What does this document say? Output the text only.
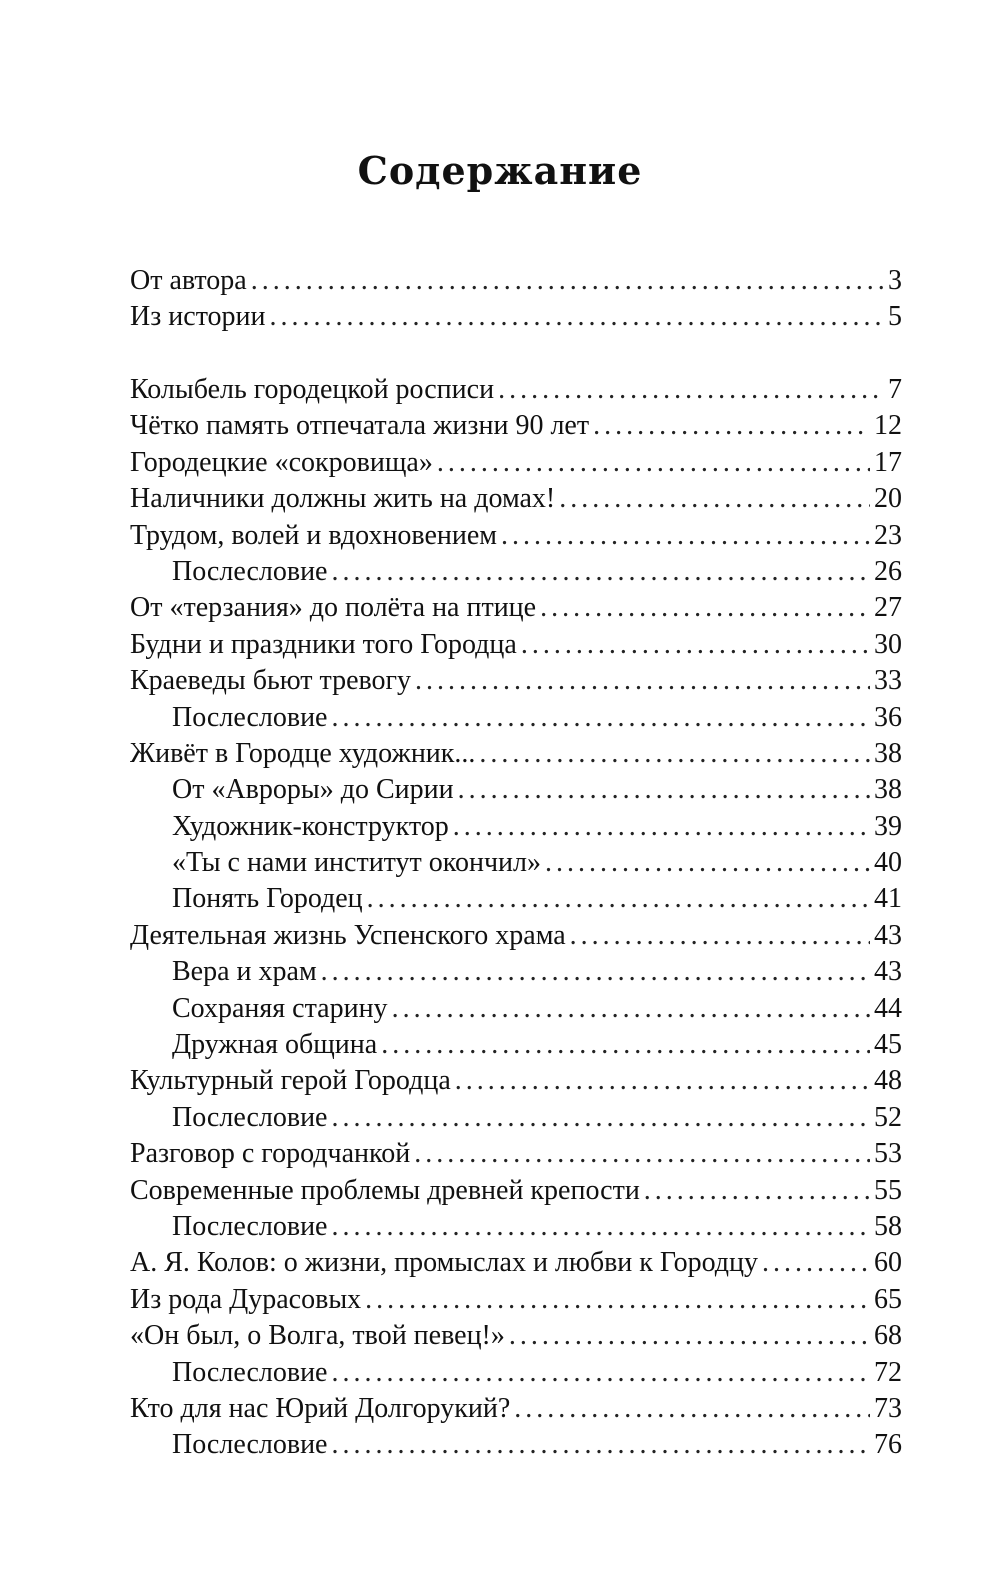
Содержание
От автора .....	3
Из истории .....	5
Колыбель городецкой росписи .....	7
Чётко память отпечатала жизни 90 лет .....	12
Городецкие «сокровища» .....	17
Наличники должны жить на домах! .....	20
Трудом, волей и вдохновением .....	23
Послесловие .....	26
От «терзания» до полёта на птице .....	27
Будни и праздники того Городца .....	30
Краеведы бьют тревогу .....	33
Послесловие .....	36
Живёт в Городце художник... .....	38
От «Авроры» до Сирии .....	38
Художник-конструктор .....	39
«Ты с нами институт окончил» .....	40
Понять Городец .....	41
Деятельная жизнь Успенского храма .....	43
Вера и храм .....	43
Сохраняя старину .....	44
Дружная община .....	45
Культурный герой Городца .....	48
Послесловие .....	52
Разговор с городчанкой .....	53
Современные проблемы древней крепости .....	55
Послесловие .....	58
А. Я. Колов: о жизни, промыслах и любви к Городцу .....	60
Из рода Дурасовых .....	65
«Он был, о Волга, твой певец!» .....	68
Послесловие .....	72
Кто для нас Юрий Долгорукий? .....	73
Послесловие .....	76
